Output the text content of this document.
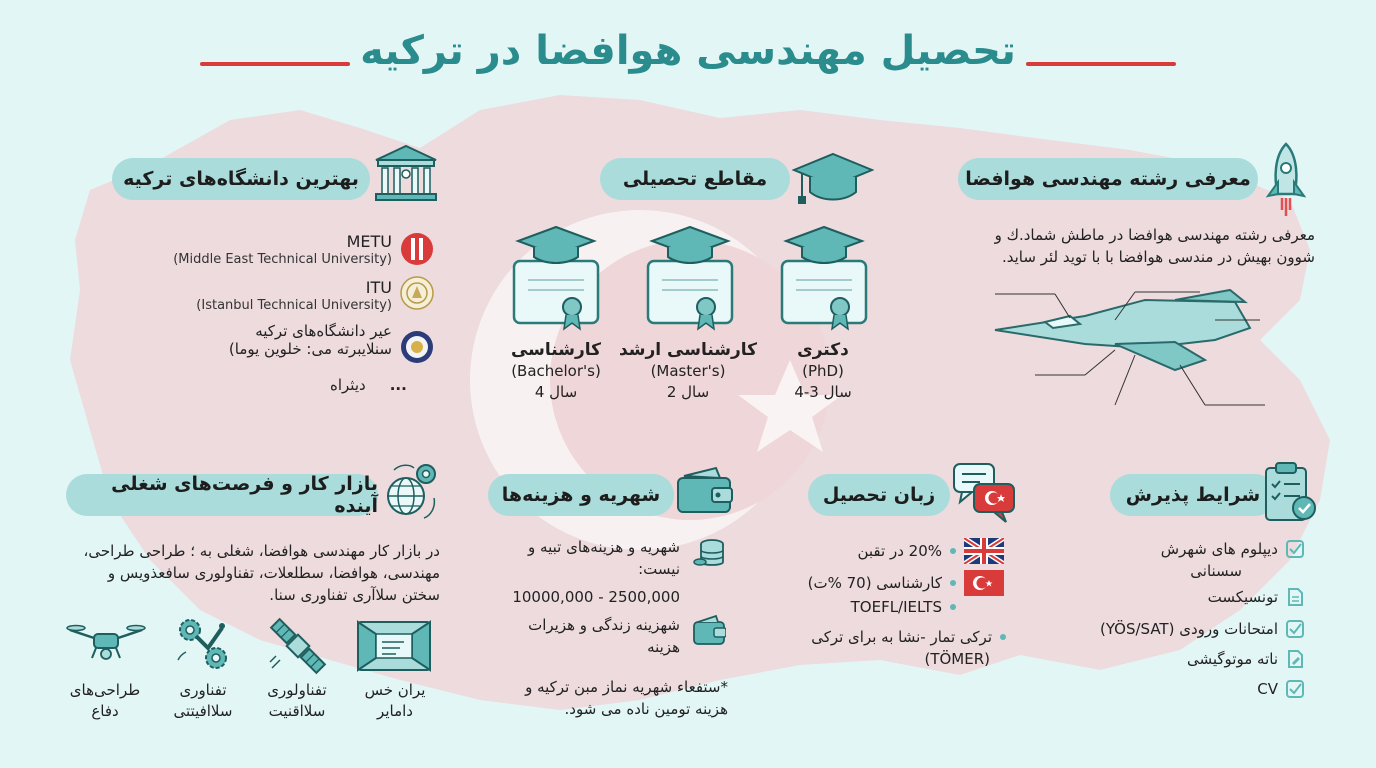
تحصیل مهندسی هوافضا در ترکیه
معرفی رشته مهندسی هوافضا
معرفی رشته مهندسی هوافضا در ماطش شماد.ك و
شوون بهیش در مندسی هوافضا با با تويد لئر ساید.
مقاطع تحصیلی
کارشناسی
(Bachelor's)
4 سال
کارشناسی ارشد
(Master's)
2 سال
دکتری
(PhD)
4-3 سال
بهترین دانشگاه‌های ترکیه
METU
(Middle East Technical University)
ITU
(Istanbul Technical University)
عیر دانشگاه‌های ترکیه
سنلایبرته می: خلوین یوما)
دیثراه ...
شرایط پذیرش
دیپلوم های شهرش
سسنانی
تونسیکست
امتحانات ورودی (YÖS/SAT)
ناته موتوگیشی
CV
زبان تحصیل
20% در تقبن
کارشناسی (70 %ت)
TOEFL/IELTS
ترکی تمار -نشا به برای ترکی
(TÖMER)
شهریه و هزینه‌ها
شهریه و هزینه‌های تبیه و
نیست:
2500,000 - 10000,000
شهزینه زندگی و هزیرات
هزینه
*ستفعاء شهریه نماز مبن ترکیه و
هزینه تومین ناده می شود.
بازار کار و فرصت‌های شغلی آینده
در بازار کار مهندسی هوافضا، شغلی به ؛ طراحی طراحی،
مهندسی، هوافضا، سطلعلات، تفناولوری سافعذویس و
سختن سلاآری تفناوری سنا.
یران خس
دامایر
تفناولوری
سلااقنیت
تفناوری
سلاافیتتی
طراحی‌های
دفاع
